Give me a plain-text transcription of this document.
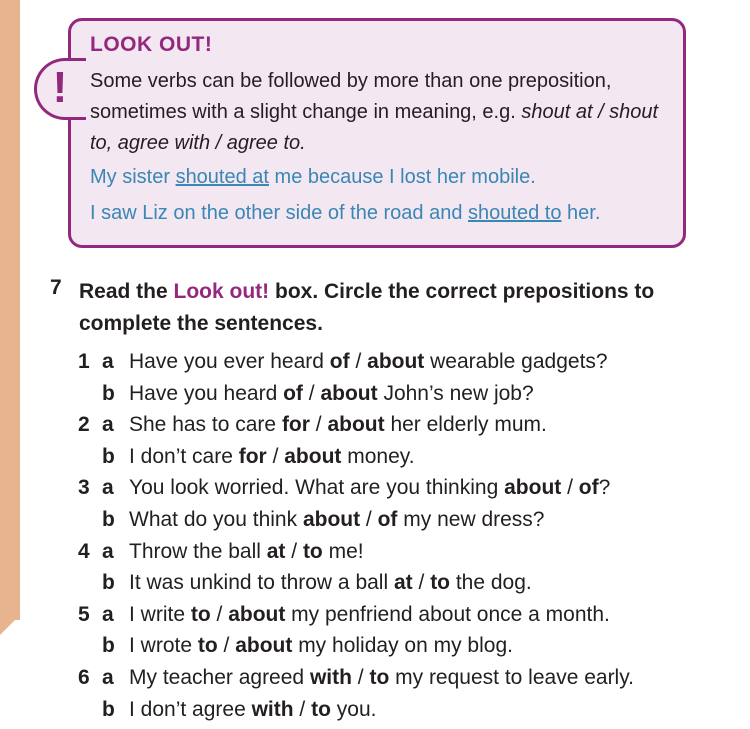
!
LOOK OUT!
Some verbs can be followed by more than one preposition, sometimes with a slight change in meaning, e.g. shout at / shout to, agree with / agree to.
My sister shouted at me because I lost her mobile.
I saw Liz on the other side of the road and shouted to her.
7 Read the Look out! box. Circle the correct prepositions to complete the sentences.
1 a Have you ever heard of / about wearable gadgets?
b Have you heard of / about John’s new job?
2 a She has to care for / about her elderly mum.
b I don’t care for / about money.
3 a You look worried. What are you thinking about / of?
b What do you think about / of my new dress?
4 a Throw the ball at / to me!
b It was unkind to throw a ball at / to the dog.
5 a I write to / about my penfriend about once a month.
b I wrote to / about my holiday on my blog.
6 a My teacher agreed with / to my request to leave early.
b I don’t agree with / to you.
